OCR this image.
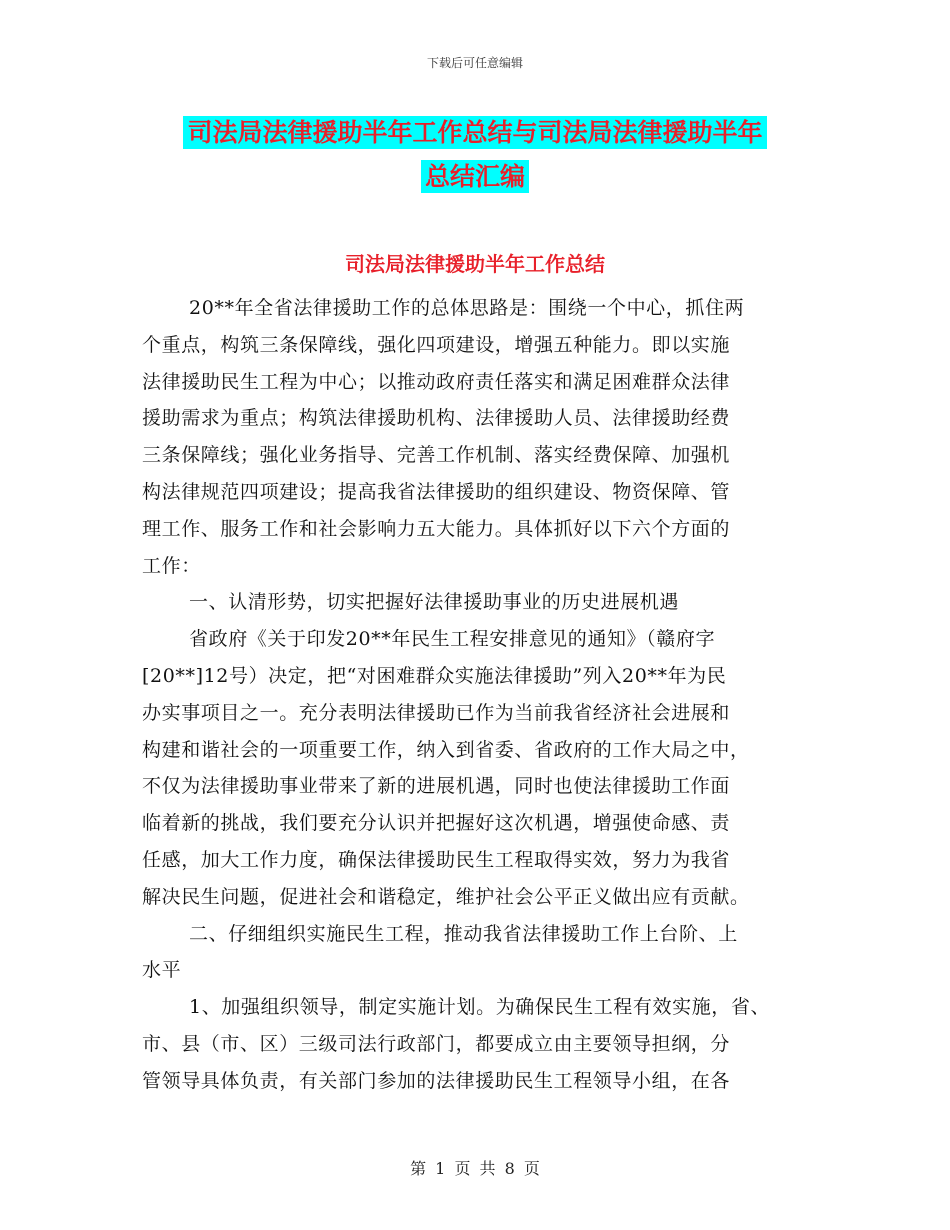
下载后可任意编辑
司法局法律援助半年工作总结与司法局法律援助半年
总结汇编
司法局法律援助半年工作总结
20**年全省法律援助工作的总体思路是：围绕一个中心，抓住两
个重点，构筑三条保障线，强化四项建设，增强五种能力。即以实施
法律援助民生工程为中心；以推动政府责任落实和满足困难群众法律
援助需求为重点；构筑法律援助机构、法律援助人员、法律援助经费
三条保障线；强化业务指导、完善工作机制、落实经费保障、加强机
构法律规范四项建设；提高我省法律援助的组织建设、物资保障、管
理工作、服务工作和社会影响力五大能力。具体抓好以下六个方面的
工作：
一、认清形势，切实把握好法律援助事业的历史进展机遇
省政府《关于印发20**年民生工程安排意见的通知》（赣府字
[20**]12号）决定，把“对困难群众实施法律援助”列入20**年为民
办实事项目之一。充分表明法律援助已作为当前我省经济社会进展和
构建和谐社会的一项重要工作，纳入到省委、省政府的工作大局之中，
不仅为法律援助事业带来了新的进展机遇，同时也使法律援助工作面
临着新的挑战，我们要充分认识并把握好这次机遇，增强使命感、责
任感，加大工作力度，确保法律援助民生工程取得实效，努力为我省
解决民生问题，促进社会和谐稳定，维护社会公平正义做出应有贡献。
二、仔细组织实施民生工程，推动我省法律援助工作上台阶、上
水平
1、加强组织领导，制定实施计划。为确保民生工程有效实施，省、
市、县（市、区）三级司法行政部门，都要成立由主要领导担纲，分
管领导具体负责，有关部门参加的法律援助民生工程领导小组，在各
第 1 页 共 8 页
